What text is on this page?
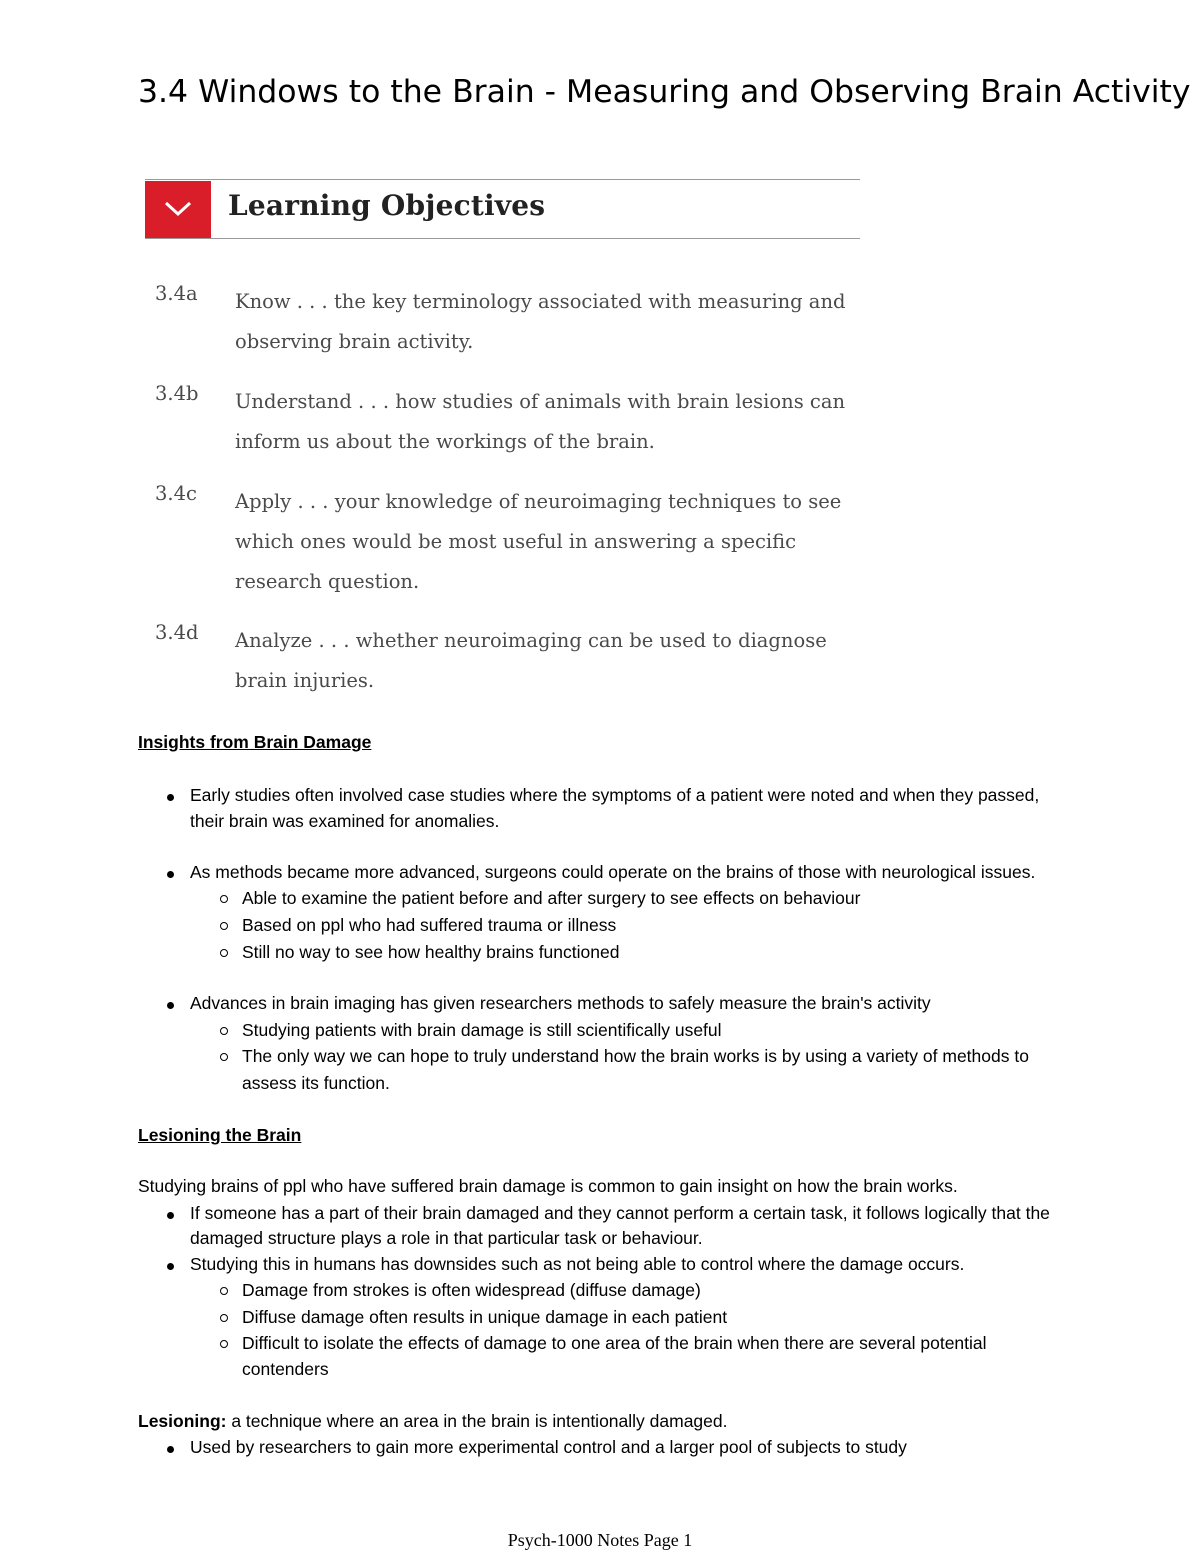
3.4 Windows to the Brain - Measuring and Observing Brain Activity
Learning Objectives
3.4a Know . . . the key terminology associated with measuring and
observing brain activity.
3.4b Understand . . . how studies of animals with brain lesions can
inform us about the workings of the brain.
3.4c Apply . . . your knowledge of neuroimaging techniques to see
which ones would be most useful in answering a specific
research question.
3.4d Analyze . . . whether neuroimaging can be used to diagnose
brain injuries.
Insights from Brain Damage
Early studies often involved case studies where the symptoms of a patient were noted and when they passed,
their brain was examined for anomalies.
As methods became more advanced, surgeons could operate on the brains of those with neurological issues.
Able to examine the patient before and after surgery to see effects on behaviour
Based on ppl who had suffered trauma or illness
Still no way to see how healthy brains functioned
Advances in brain imaging has given researchers methods to safely measure the brain's activity
Studying patients with brain damage is still scientifically useful
The only way we can hope to truly understand how the brain works is by using a variety of methods to
assess its function.
Lesioning the Brain
Studying brains of ppl who have suffered brain damage is common to gain insight on how the brain works.
If someone has a part of their brain damaged and they cannot perform a certain task, it follows logically that the
damaged structure plays a role in that particular task or behaviour.
Studying this in humans has downsides such as not being able to control where the damage occurs.
Damage from strokes is often widespread (diffuse damage)
Diffuse damage often results in unique damage in each patient
Difficult to isolate the effects of damage to one area of the brain when there are several potential
contenders
Lesioning: a technique where an area in the brain is intentionally damaged.
Used by researchers to gain more experimental control and a larger pool of subjects to study
Psych-1000 Notes Page 1
